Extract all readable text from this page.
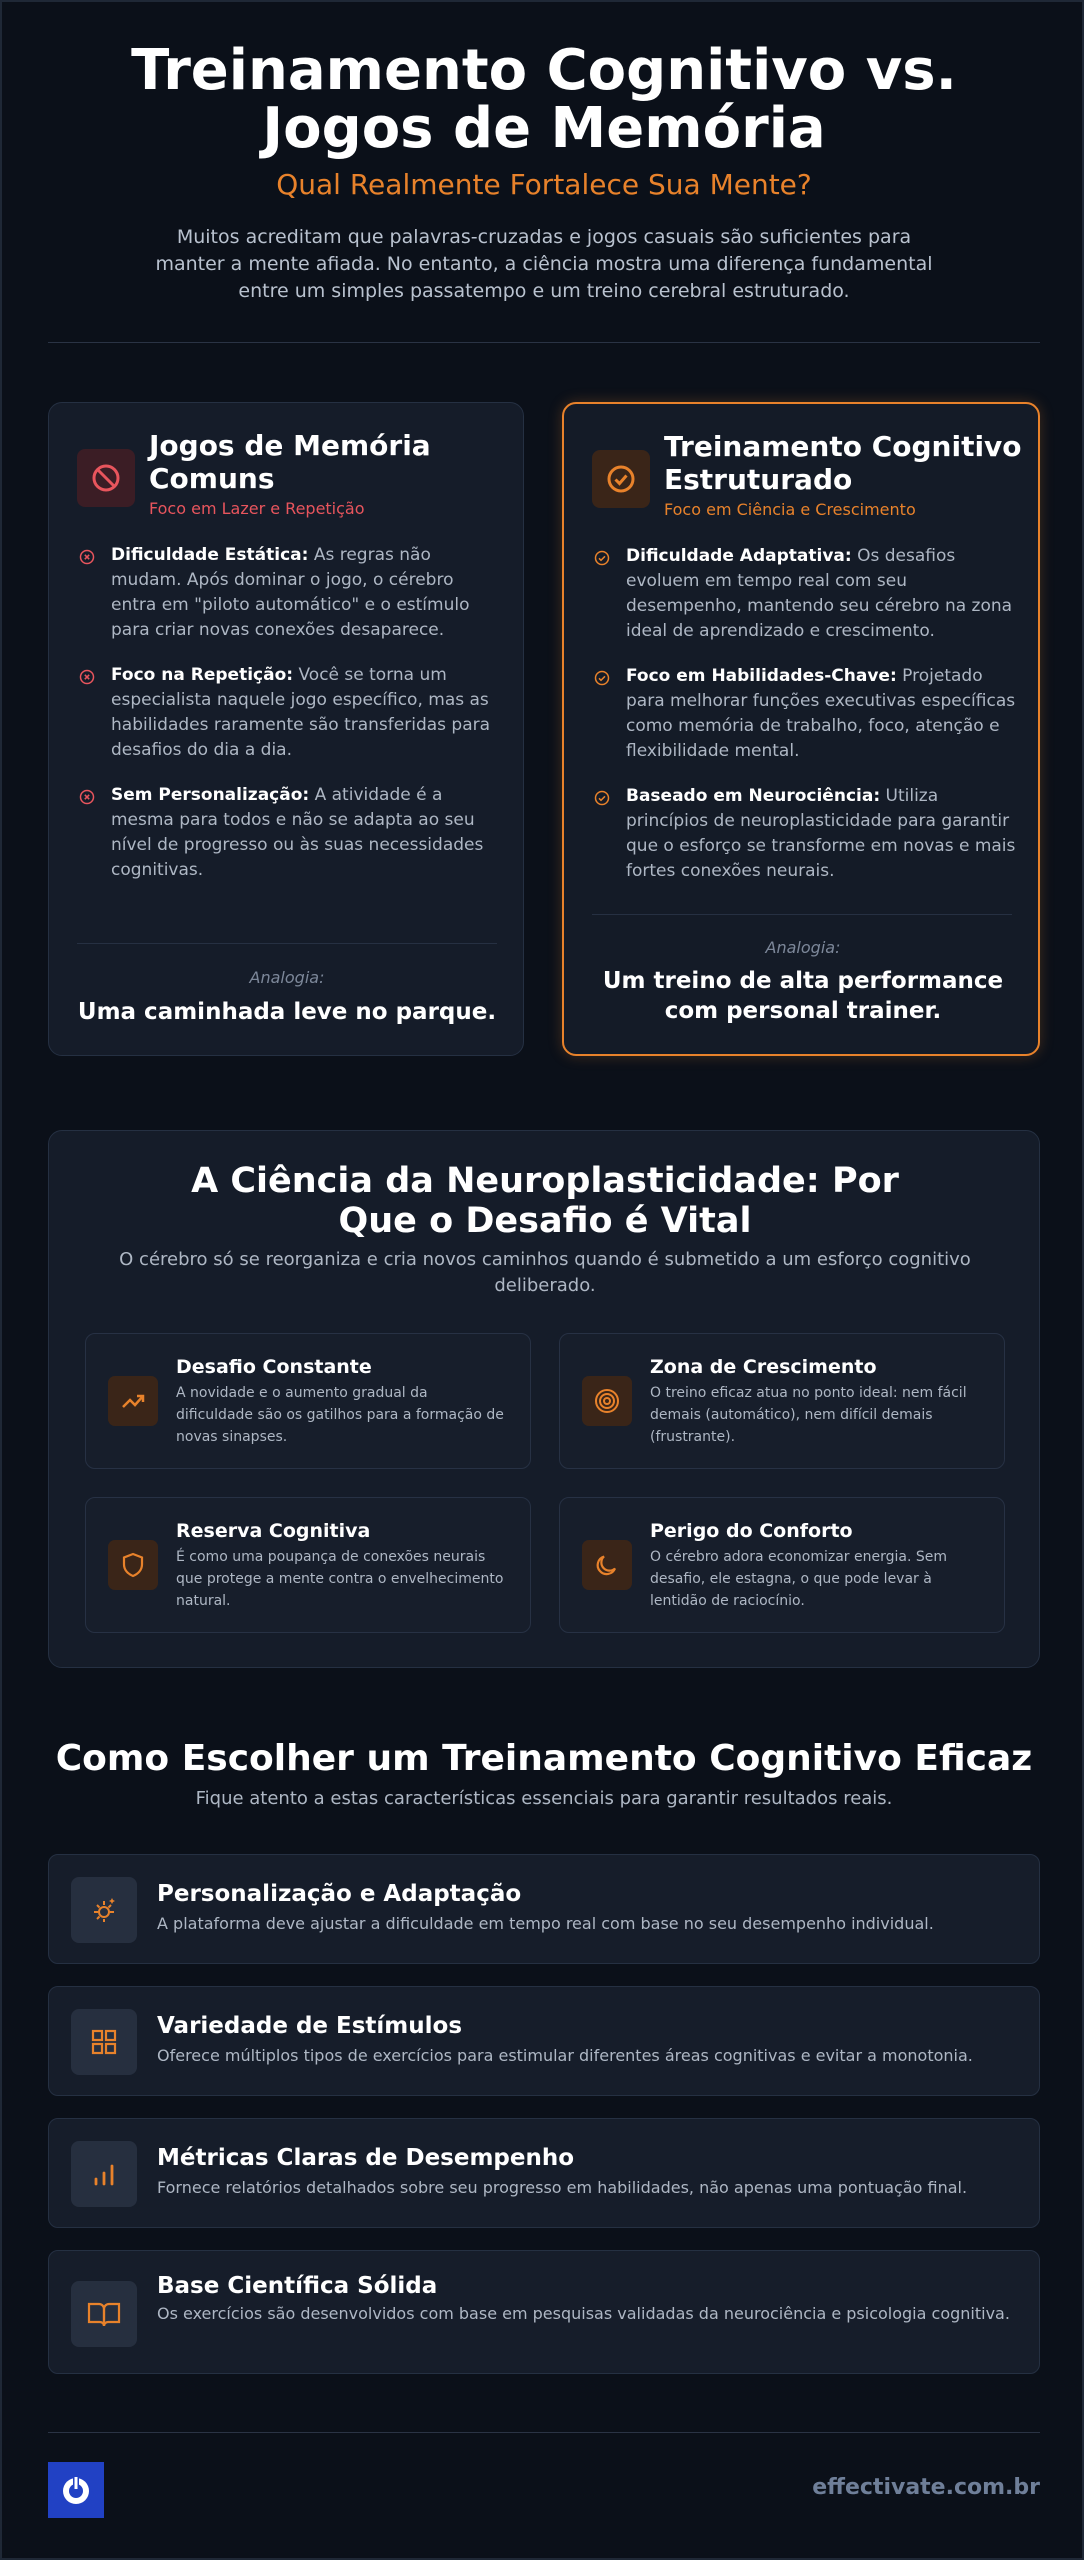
Treinamento Cognitivo vs. Jogos de Memória
Qual Realmente Fortalece Sua Mente?
Muitos acreditam que palavras-cruzadas e jogos casuais são suficientes para manter a mente afiada. No entanto, a ciência mostra uma diferença fundamental entre um simples passatempo e um treino cerebral estruturado.
Jogos de Memória Comuns
Foco em Lazer e Repetição
Dificuldade Estática: As regras não mudam. Após dominar o jogo, o cérebro entra em "piloto automático" e o estímulo para criar novas conexões desaparece.
Foco na Repetição: Você se torna um especialista naquele jogo específico, mas as habilidades raramente são transferidas para desafios do dia a dia.
Sem Personalização: A atividade é a mesma para todos e não se adapta ao seu nível de progresso ou às suas necessidades cognitivas.
Analogia:
Uma caminhada leve no parque.
Treinamento Cognitivo Estruturado
Foco em Ciência e Crescimento
Dificuldade Adaptativa: Os desafios evoluem em tempo real com seu desempenho, mantendo seu cérebro na zona ideal de aprendizado e crescimento.
Foco em Habilidades-Chave: Projetado para melhorar funções executivas específicas como memória de trabalho, foco, atenção e flexibilidade mental.
Baseado em Neurociência: Utiliza princípios de neuroplasticidade para garantir que o esforço se transforme em novas e mais fortes conexões neurais.
Analogia:
Um treino de alta performance com personal trainer.
A Ciência da Neuroplasticidade: Por Que o Desafio é Vital
O cérebro só se reorganiza e cria novos caminhos quando é submetido a um esforço cognitivo deliberado.
Desafio Constante
A novidade e o aumento gradual da dificuldade são os gatilhos para a formação de novas sinapses.
Zona de Crescimento
O treino eficaz atua no ponto ideal: nem fácil demais (automático), nem difícil demais (frustrante).
Reserva Cognitiva
É como uma poupança de conexões neurais que protege a mente contra o envelhecimento natural.
Perigo do Conforto
O cérebro adora economizar energia. Sem desafio, ele estagna, o que pode levar à lentidão de raciocínio.
Como Escolher um Treinamento Cognitivo Eficaz
Fique atento a estas características essenciais para garantir resultados reais.
Personalização e Adaptação
A plataforma deve ajustar a dificuldade em tempo real com base no seu desempenho individual.
Variedade de Estímulos
Oferece múltiplos tipos de exercícios para estimular diferentes áreas cognitivas e evitar a monotonia.
Métricas Claras de Desempenho
Fornece relatórios detalhados sobre seu progresso em habilidades, não apenas uma pontuação final.
Base Científica Sólida
Os exercícios são desenvolvidos com base em pesquisas validadas da neurociência e psicologia cognitiva.
effectivate.com.br
